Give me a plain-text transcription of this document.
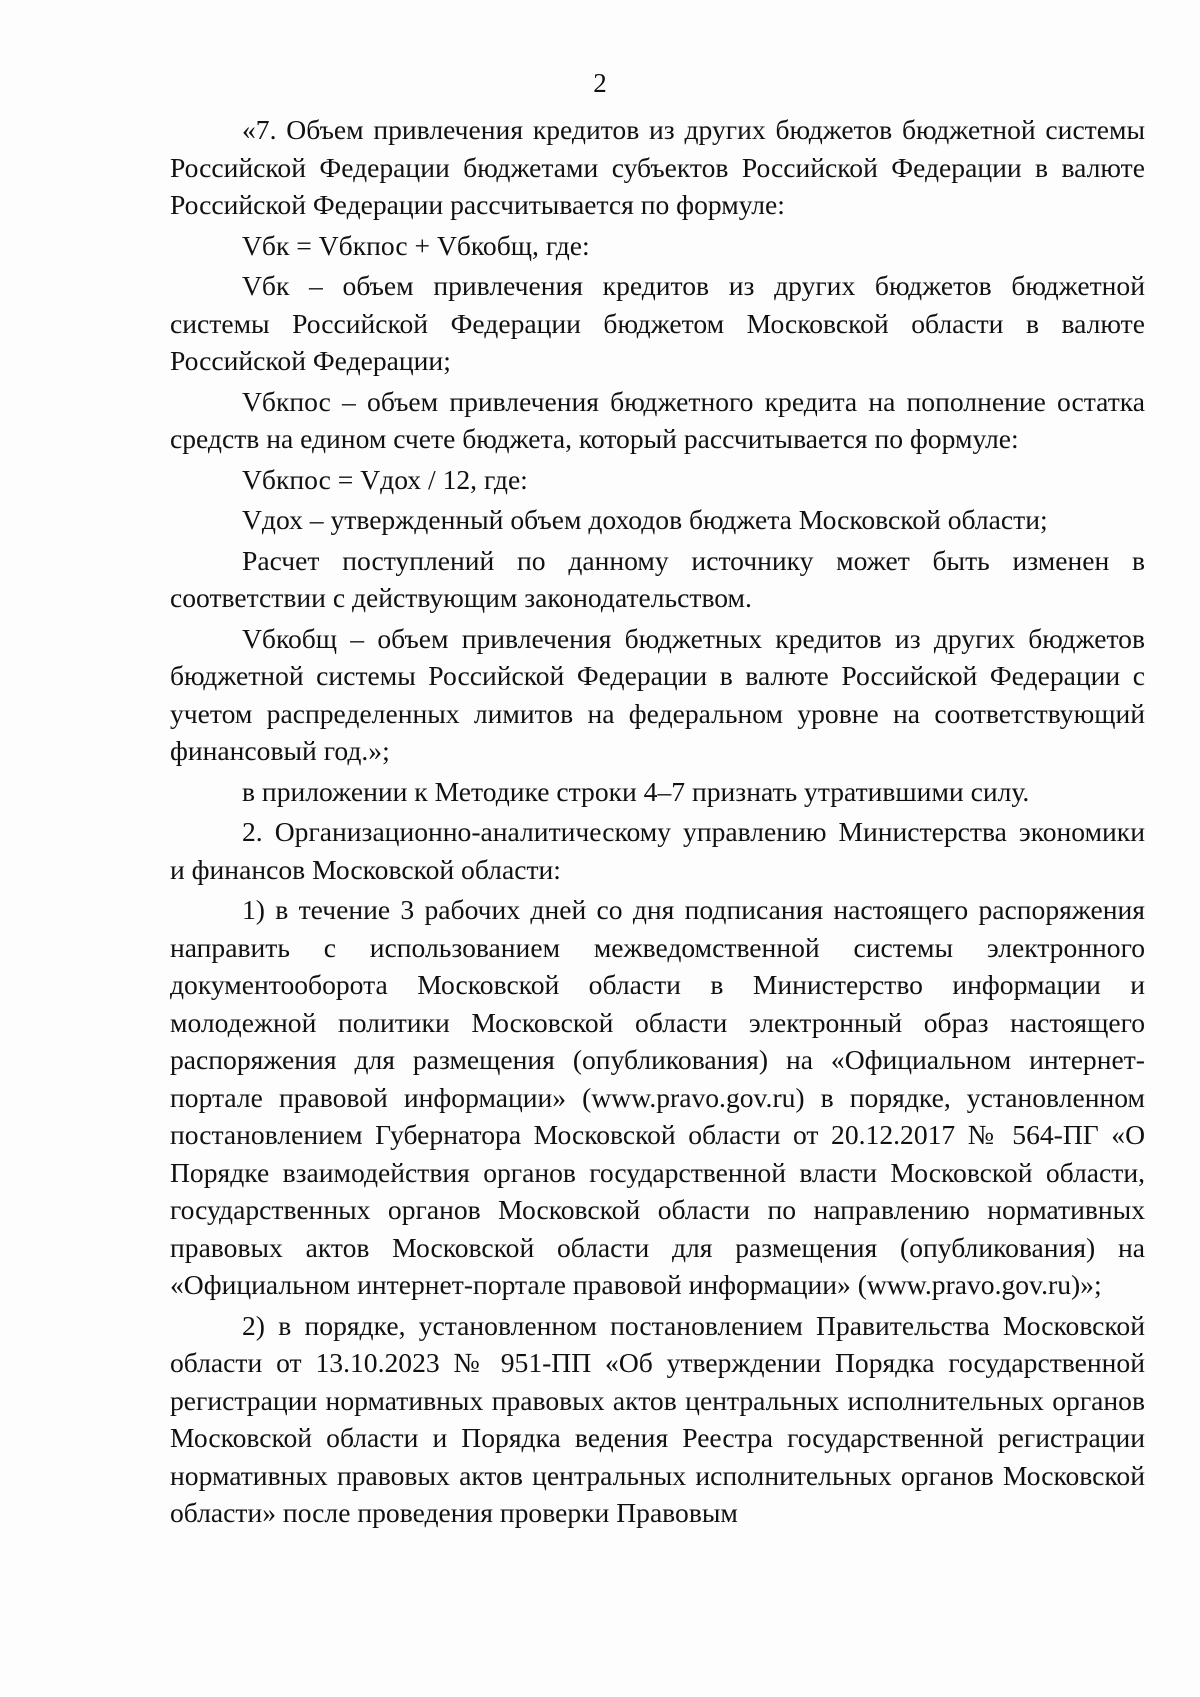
2

«7. Объем привлечения кредитов из других бюджетов бюджетной системы Российской Федерации бюджетами субъектов Российской Федерации в валюте Российской Федерации рассчитывается по формуле:

Vбк = Vбкпос + Vбкобщ, где:

Vбк – объем привлечения кредитов из других бюджетов бюджетной системы Российской Федерации бюджетом Московской области в валюте Российской Федерации;

Vбкпос – объем привлечения бюджетного кредита на пополнение остатка средств на едином счете бюджета, который рассчитывается по формуле:

Vбкпос = Vдох / 12, где:

Vдох – утвержденный объем доходов бюджета Московской области;

Расчет поступлений по данному источнику может быть изменен в соответствии с действующим законодательством.

Vбкобщ – объем привлечения бюджетных кредитов из других бюджетов бюджетной системы Российской Федерации в валюте Российской Федерации с учетом распределенных лимитов на федеральном уровне на соответствующий финансовый год.»;

в приложении к Методике строки 4–7 признать утратившими силу.

2. Организационно-аналитическому управлению Министерства экономики и финансов Московской области:

1) в течение 3 рабочих дней со дня подписания настоящего распоряжения направить с использованием межведомственной системы электронного документооборота Московской области в Министерство информации и молодежной политики Московской области электронный образ настоящего распоряжения для размещения (опубликования) на «Официальном интернет-портале правовой информации» (www.pravo.gov.ru) в порядке, установленном постановлением Губернатора Московской области от 20.12.2017 № 564-ПГ «О Порядке взаимодействия органов государственной власти Московской области, государственных органов Московской области по направлению нормативных правовых актов Московской области для размещения (опубликования) на «Официальном интернет-портале правовой информации» (www.pravo.gov.ru)»;

2) в порядке, установленном постановлением Правительства Московской области от 13.10.2023 № 951-ПП «Об утверждении Порядка государственной регистрации нормативных правовых актов центральных исполнительных органов Московской области и Порядка ведения Реестра государственной регистрации нормативных правовых актов центральных исполнительных органов Московской области» после проведения проверки Правовым
